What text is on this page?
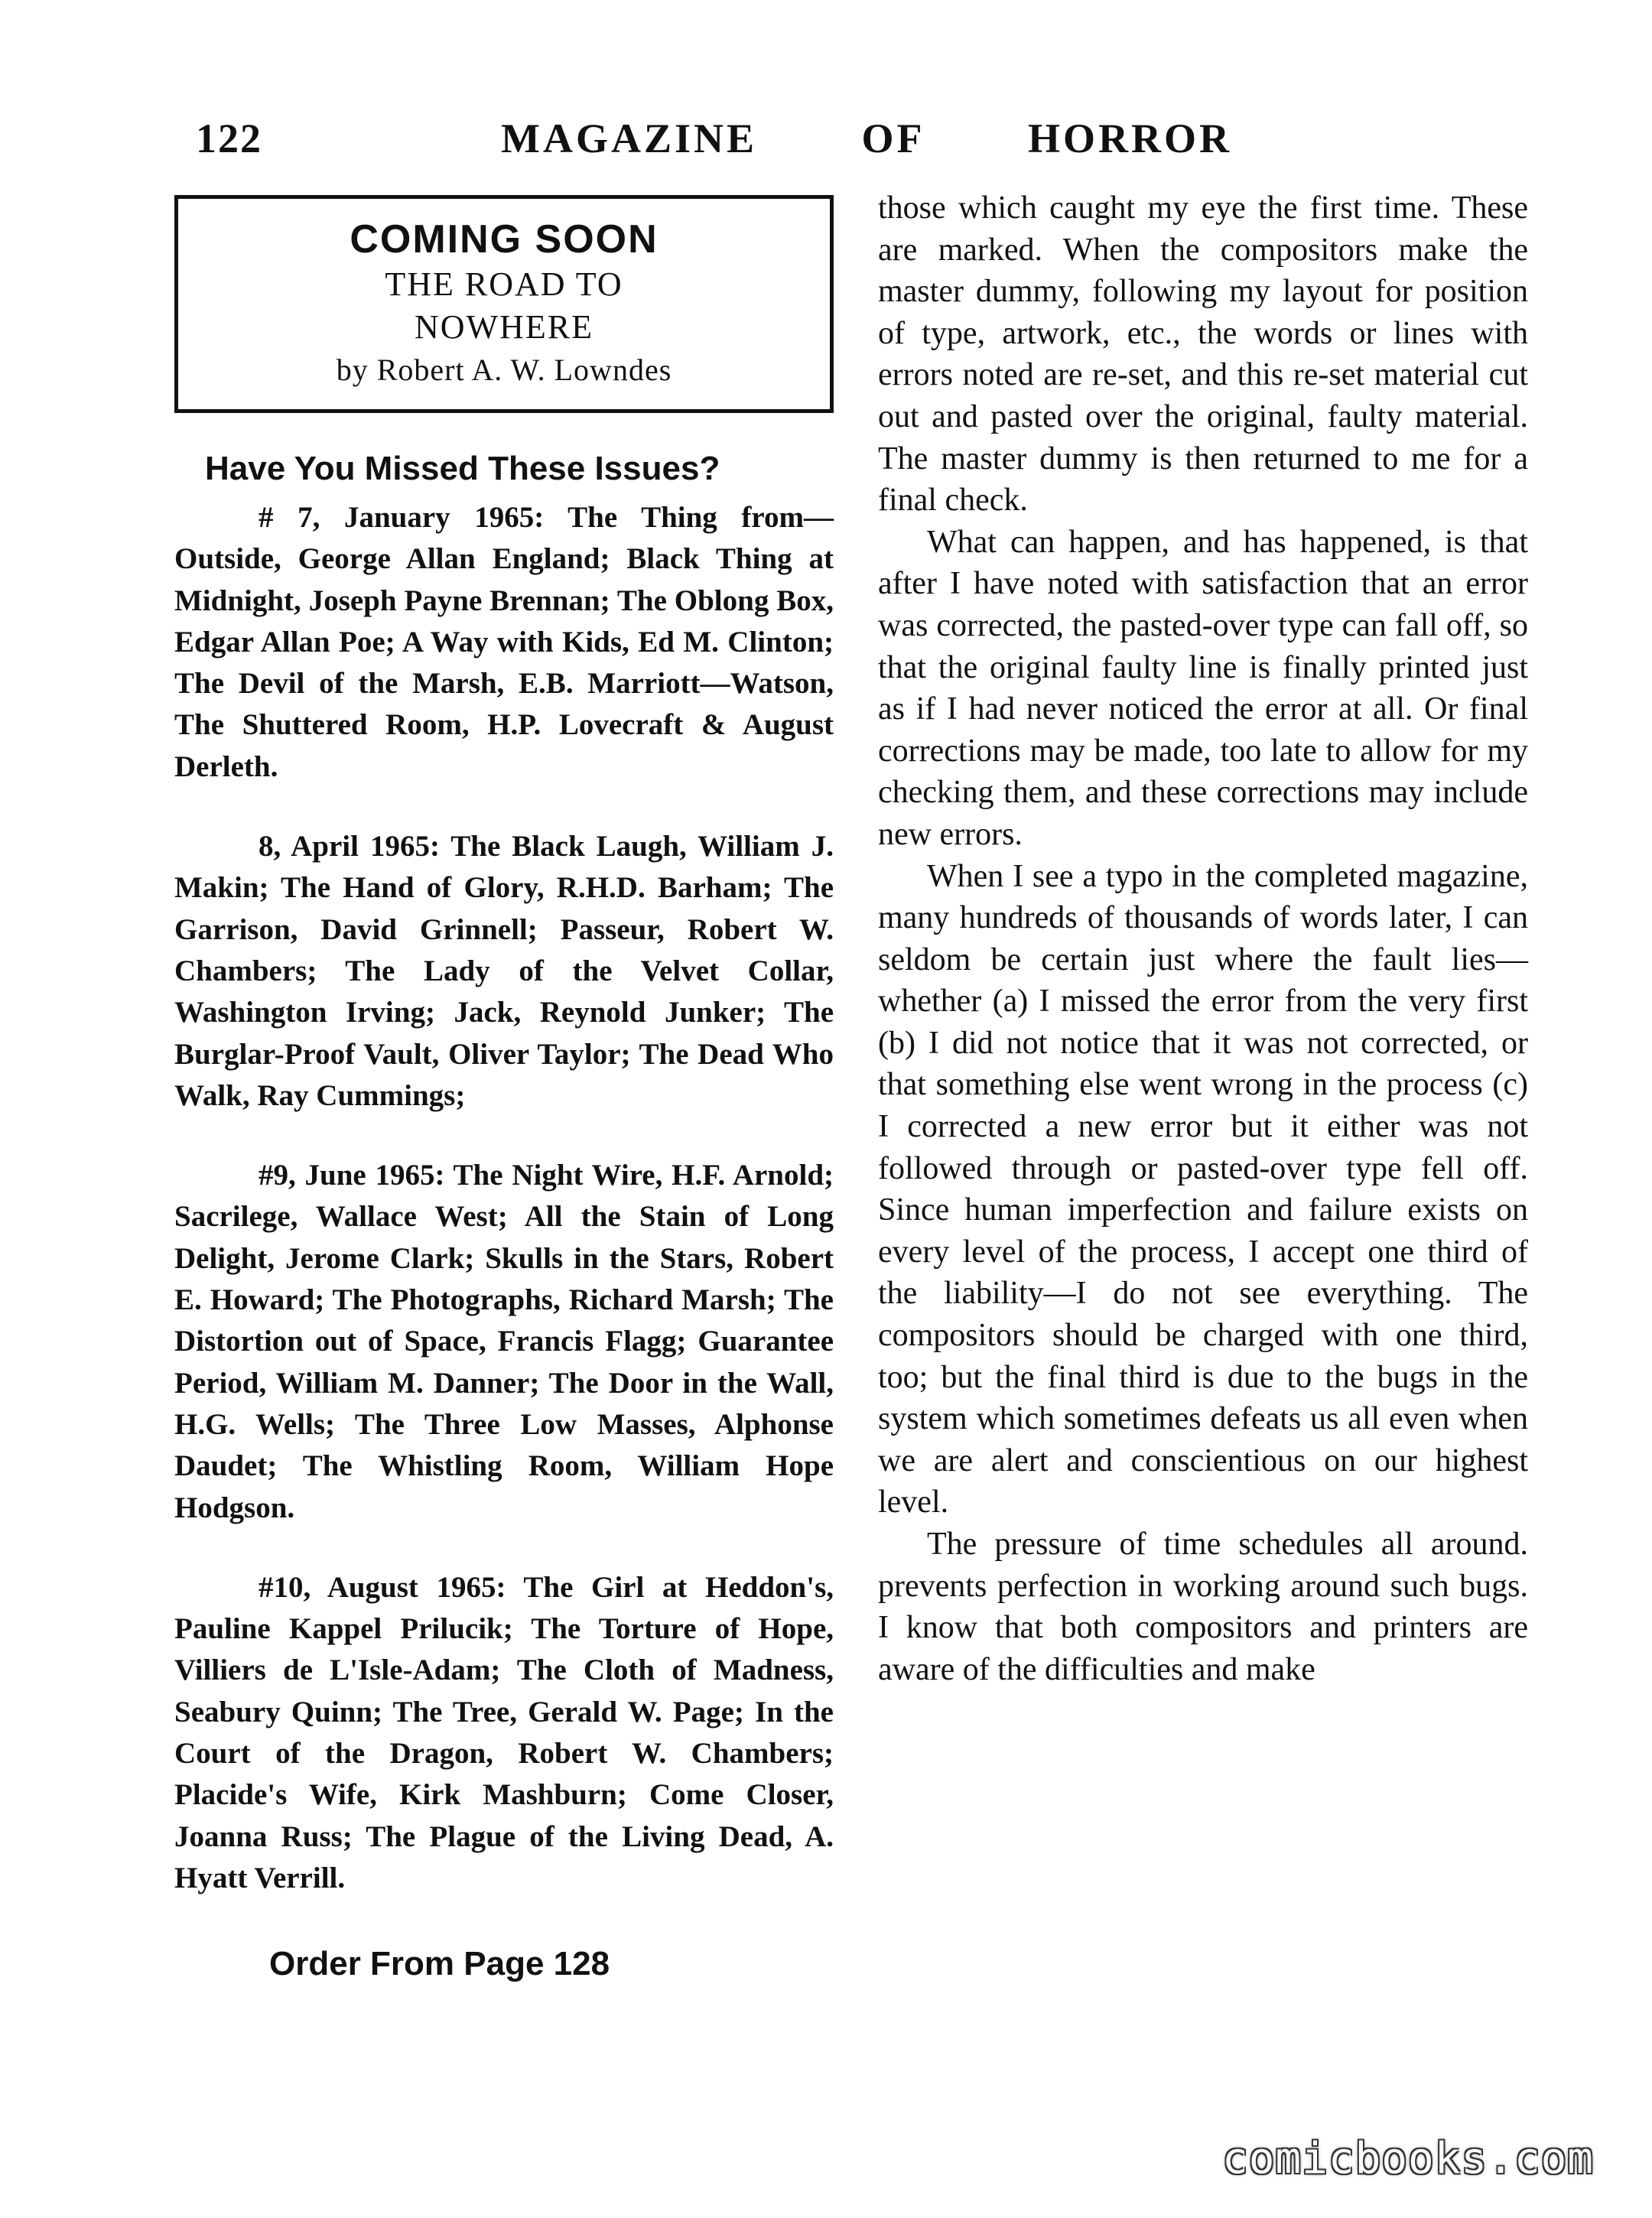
122	MAGAZINE   OF   HORROR
COMING SOON
THE ROAD TO
NOWHERE
by Robert A. W. Lowndes
Have You Missed These Issues?

# 7, January 1965: The Thing from—Outside, George Allan England; Black Thing at Midnight, Joseph Payne Brennan; The Oblong Box, Edgar Allan Poe; A Way with Kids, Ed M. Clinton; The Devil of the Marsh, E.B. Marriott—Watson, The Shuttered Room, H.P. Lovecraft & August Derleth.

8, April 1965: The Black Laugh, William J. Makin; The Hand of Glory, R.H.D. Barham; The Garrison, David Grinnell; Passeur, Robert W. Chambers; The Lady of the Velvet Collar, Washington Irving; Jack, Reynold Junker; The Burglar-Proof Vault, Oliver Taylor; The Dead Who Walk, Ray Cummings;

#9, June 1965: The Night Wire, H.F. Arnold; Sacrilege, Wallace West; All the Stain of Long Delight, Jerome Clark; Skulls in the Stars, Robert E. Howard; The Photographs, Richard Marsh; The Distortion out of Space, Francis Flagg; Guarantee Period, William M. Danner; The Door in the Wall, H.G. Wells; The Three Low Masses, Alphonse Daudet; The Whistling Room, William Hope Hodgson.

#10, August 1965: The Girl at Heddon's, Pauline Kappel Prilucik; The Torture of Hope, Villiers de L'Isle-Adam; The Cloth of Madness, Seabury Quinn; The Tree, Gerald W. Page; In the Court of the Dragon, Robert W. Chambers; Placide's Wife, Kirk Mashburn; Come Closer, Joanna Russ; The Plague of the Living Dead, A. Hyatt Verrill.

Order From Page 128

those which caught my eye the first time. These are marked. When the compositors make the master dummy, following my layout for position of type, artwork, etc., the words or lines with errors noted are re-set, and this re-set material cut out and pasted over the original, faulty material. The master dummy is then returned to me for a final check.

What can happen, and has happened, is that after I have noted with satisfaction that an error was corrected, the pasted-over type can fall off, so that the original faulty line is finally printed just as if I had never noticed the error at all. Or final corrections may be made, too late to allow for my checking them, and these corrections may include new errors.

When I see a typo in the completed magazine, many hundreds of thousands of words later, I can seldom be certain just where the fault lies—whether (a) I missed the error from the very first (b) I did not notice that it was not corrected, or that something else went wrong in the process (c) I corrected a new error but it either was not followed through or pasted-over type fell off. Since human imperfection and failure exists on every level of the process, I accept one third of the liability—I do not see everything. The compositors should be charged with one third, too; but the final third is due to the bugs in the system which sometimes defeats us all even when we are alert and conscientious on our highest level.

The pressure of time schedules all around. prevents perfection in working around such bugs. I know that both compositors and printers are aware of the difficulties and make

comicbooks.com
